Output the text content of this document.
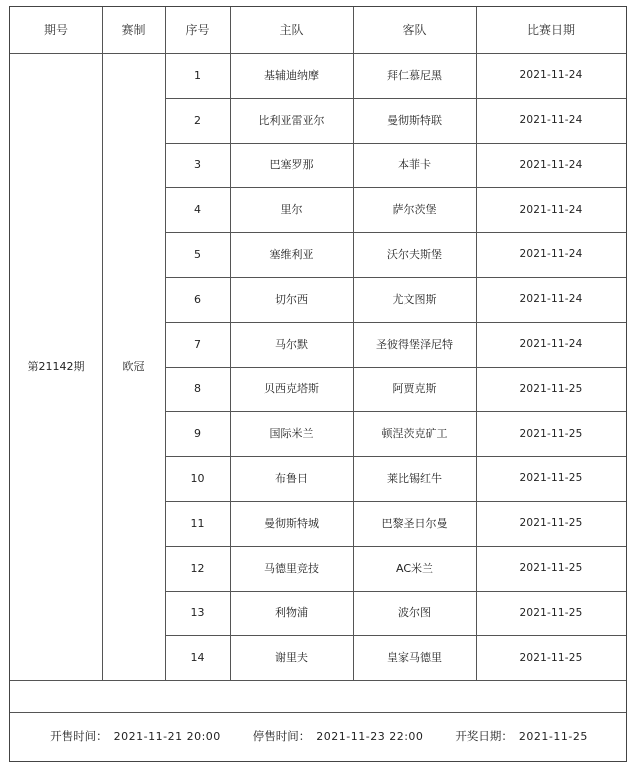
期号	赛制	序号	主队	客队	比赛日期
第21142期	欧冠
1	基辅迪纳摩	拜仁慕尼黑	2021-11-24
2	比利亚雷亚尔	曼彻斯特联	2021-11-24
3	巴塞罗那	本菲卡	2021-11-24
4	里尔	萨尔茨堡	2021-11-24
5	塞维利亚	沃尔夫斯堡	2021-11-24
6	切尔西	尤文图斯	2021-11-24
7	马尔默	圣彼得堡泽尼特	2021-11-24
8	贝西克塔斯	阿贾克斯	2021-11-25
9	国际米兰	顿涅茨克矿工	2021-11-25
10	布鲁日	莱比锡红牛	2021-11-25
11	曼彻斯特城	巴黎圣日尔曼	2021-11-25
12	马德里竞技	AC米兰	2021-11-25
13	利物浦	波尔图	2021-11-25
14	谢里夫	皇家马德里	2021-11-25
开售时间： 2021-11-21 20:00	停售时间： 2021-11-23 22:00	开奖日期： 2021-11-25
